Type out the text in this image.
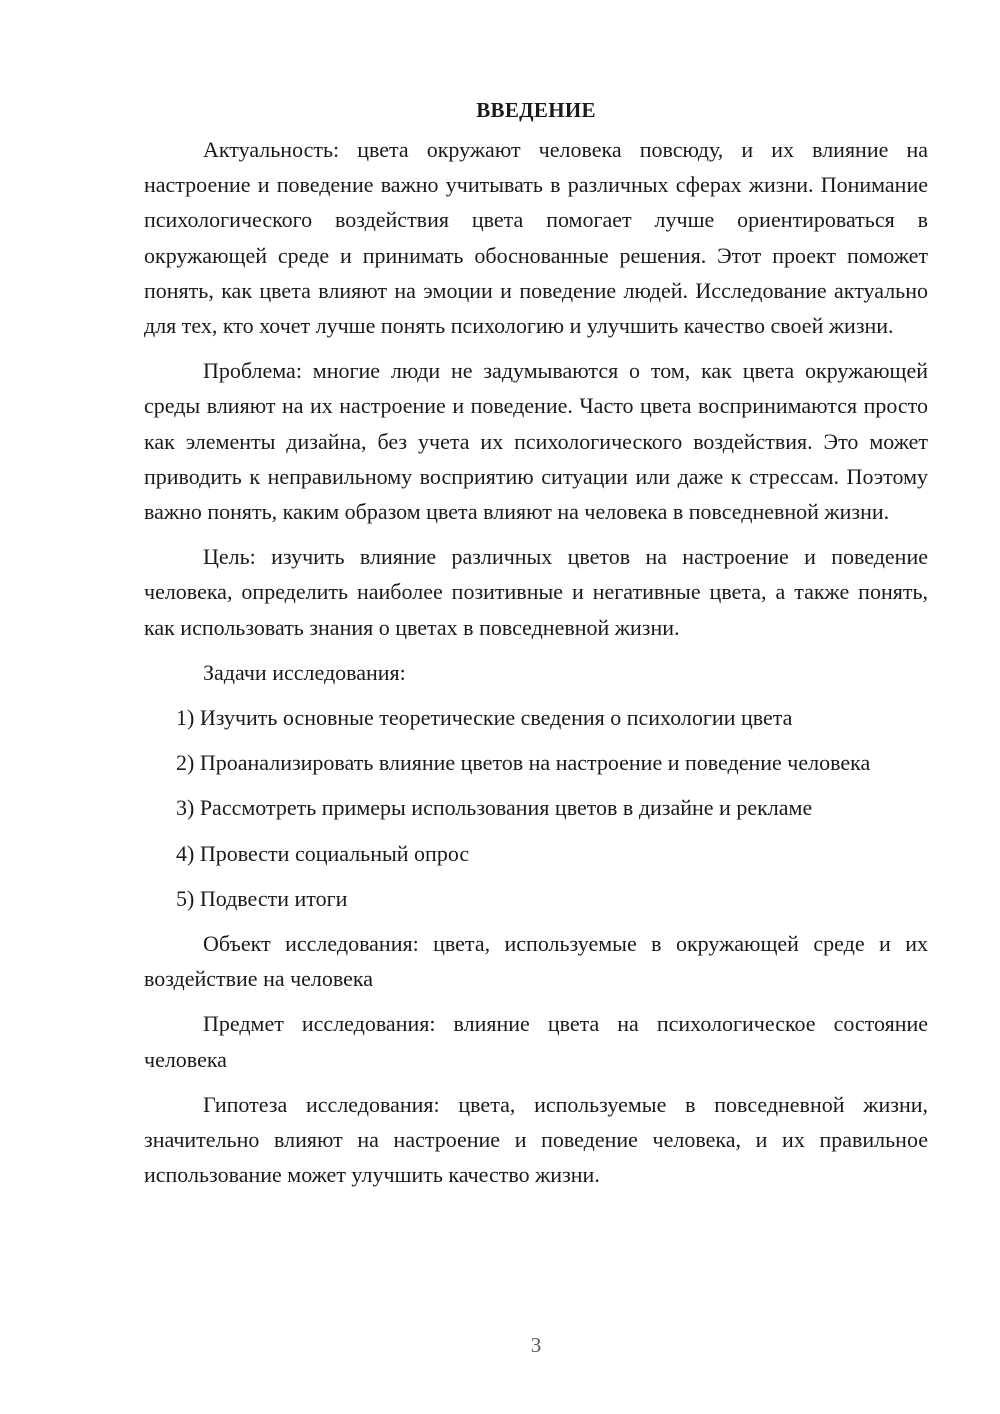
ВВЕДЕНИЕ

Актуальность: цвета окружают человека повсюду, и их влияние на настроение и поведение важно учитывать в различных сферах жизни. Понимание психологического воздействия цвета помогает лучше ориентироваться в окружающей среде и принимать обоснованные решения. Этот проект поможет понять, как цвета влияют на эмоции и поведение людей. Исследование актуально для тех, кто хочет лучше понять психологию и улучшить качество своей жизни.

Проблема: многие люди не задумываются о том, как цвета окружающей среды влияют на их настроение и поведение. Часто цвета воспринимаются просто как элементы дизайна, без учета их психологического воздействия. Это может приводить к неправильному восприятию ситуации или даже к стрессам. Поэтому важно понять, каким образом цвета влияют на человека в повседневной жизни.

Цель: изучить влияние различных цветов на настроение и поведение человека, определить наиболее позитивные и негативные цвета, а также понять, как использовать знания о цветах в повседневной жизни.

Задачи исследования:

1) Изучить основные теоретические сведения о психологии цвета

2) Проанализировать влияние цветов на настроение и поведение человека

3) Рассмотреть примеры использования цветов в дизайне и рекламе

4) Провести социальный опрос

5) Подвести итоги

Объект исследования: цвета, используемые в окружающей среде и их воздействие на человека

Предмет исследования: влияние цвета на психологическое состояние человека

Гипотеза исследования: цвета, используемые в повседневной жизни, значительно влияют на настроение и поведение человека, и их правильное использование может улучшить качество жизни.

3
